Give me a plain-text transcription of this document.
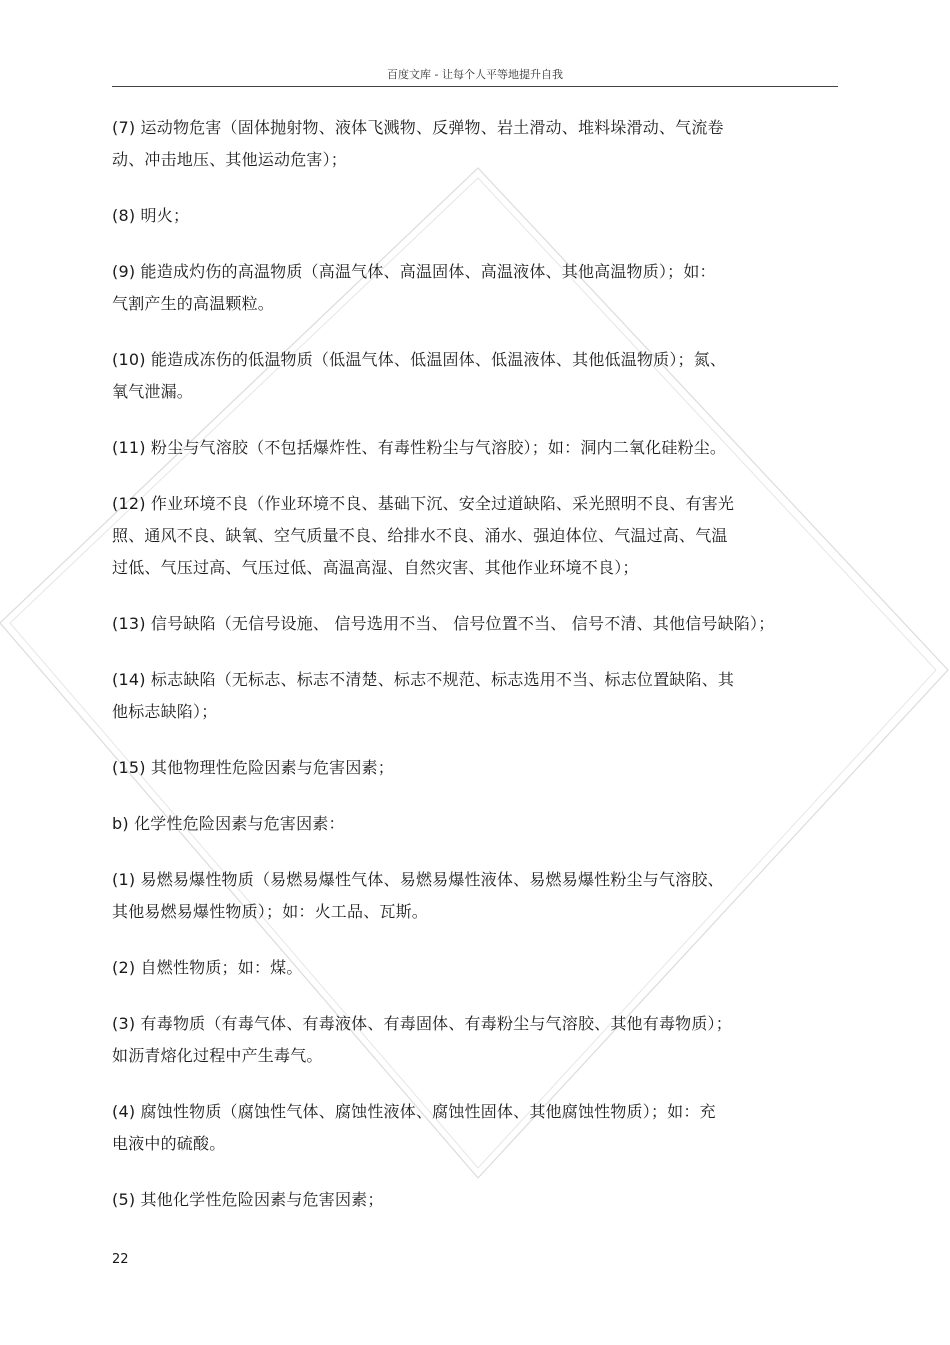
百度文库 - 让每个人平等地提升自我

(7) 运动物危害（固体抛射物、液体飞溅物、反弹物、岩土滑动、堆料垛滑动、气流卷
动、冲击地压、其他运动危害）；

(8) 明火；

(9) 能造成灼伤的高温物质（高温气体、高温固体、高温液体、其他高温物质）；如：
气割产生的高温颗粒。

(10) 能造成冻伤的低温物质（低温气体、低温固体、低温液体、其他低温物质）；氮、
氧气泄漏。

(11) 粉尘与气溶胶（不包括爆炸性、有毒性粉尘与气溶胶）；如：洞内二氧化硅粉尘。

(12) 作业环境不良（作业环境不良、基础下沉、安全过道缺陷、采光照明不良、有害光
照、通风不良、缺氧、空气质量不良、给排水不良、涌水、强迫体位、气温过高、气温
过低、气压过高、气压过低、高温高湿、自然灾害、其他作业环境不良）；

(13) 信号缺陷（无信号设施、 信号选用不当、 信号位置不当、 信号不清、其他信号缺陷）；

(14) 标志缺陷（无标志、标志不清楚、标志不规范、标志选用不当、标志位置缺陷、其
他标志缺陷）；

(15) 其他物理性危险因素与危害因素；

b) 化学性危险因素与危害因素：

(1) 易燃易爆性物质（易燃易爆性气体、易燃易爆性液体、易燃易爆性粉尘与气溶胶、
其他易燃易爆性物质）；如：火工品、瓦斯。

(2) 自燃性物质；如：煤。

(3) 有毒物质（有毒气体、有毒液体、有毒固体、有毒粉尘与气溶胶、其他有毒物质）；
如沥青熔化过程中产生毒气。

(4) 腐蚀性物质（腐蚀性气体、腐蚀性液体、腐蚀性固体、其他腐蚀性物质）；如：充
电液中的硫酸。

(5) 其他化学性危险因素与危害因素；

22
